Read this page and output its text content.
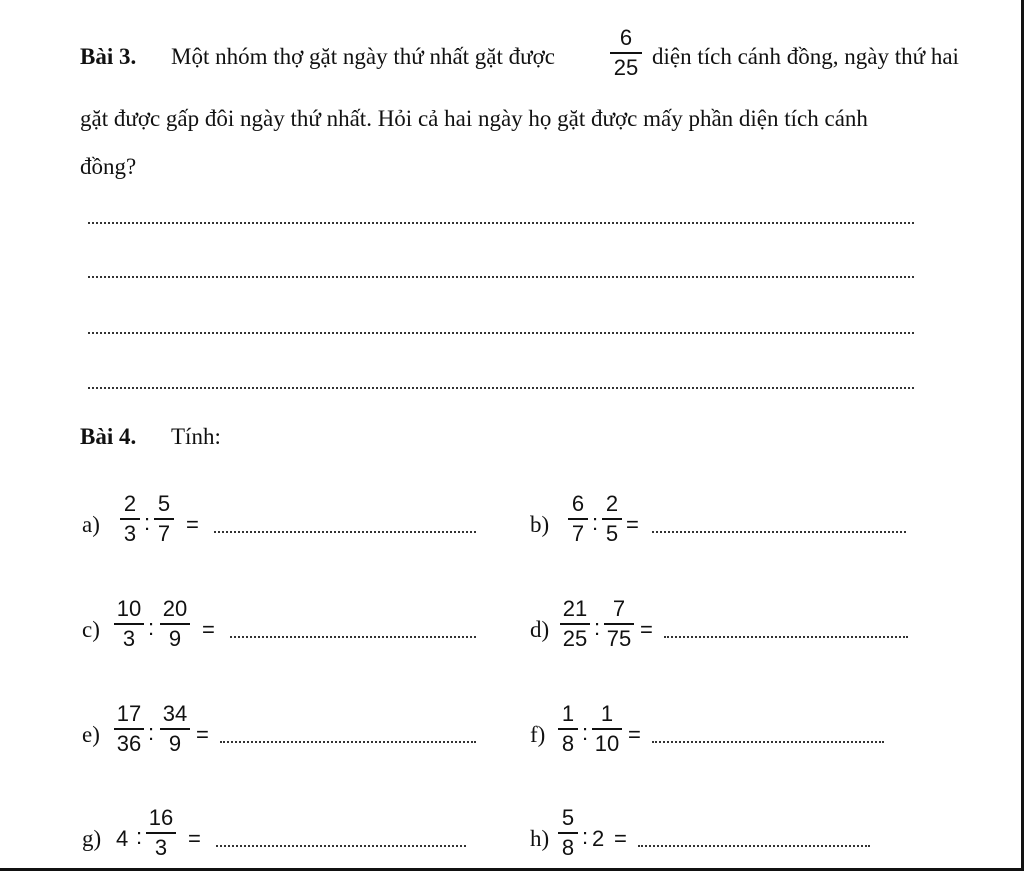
Bài 3. Một nhóm thợ gặt ngày thứ nhất gặt được
6
25 diện tích cánh đồng, ngày thứ hai
gặt được gấp đôi ngày thứ nhất. Hỏi cả hai ngày họ gặt được mấy phần diện tích cánh
đồng?
Bài 4. Tính:
a)
2
3 :
5
7 =	b)
6
7 :
2
5 =
c)
10
3 :
20
9 =	d)
21
25 :
7
75 =
e)
17
36 :
34
9 =	f)
1
8 :
1
10 =
g) 4 :
16
3 =	h)
5
8 : 2 =
